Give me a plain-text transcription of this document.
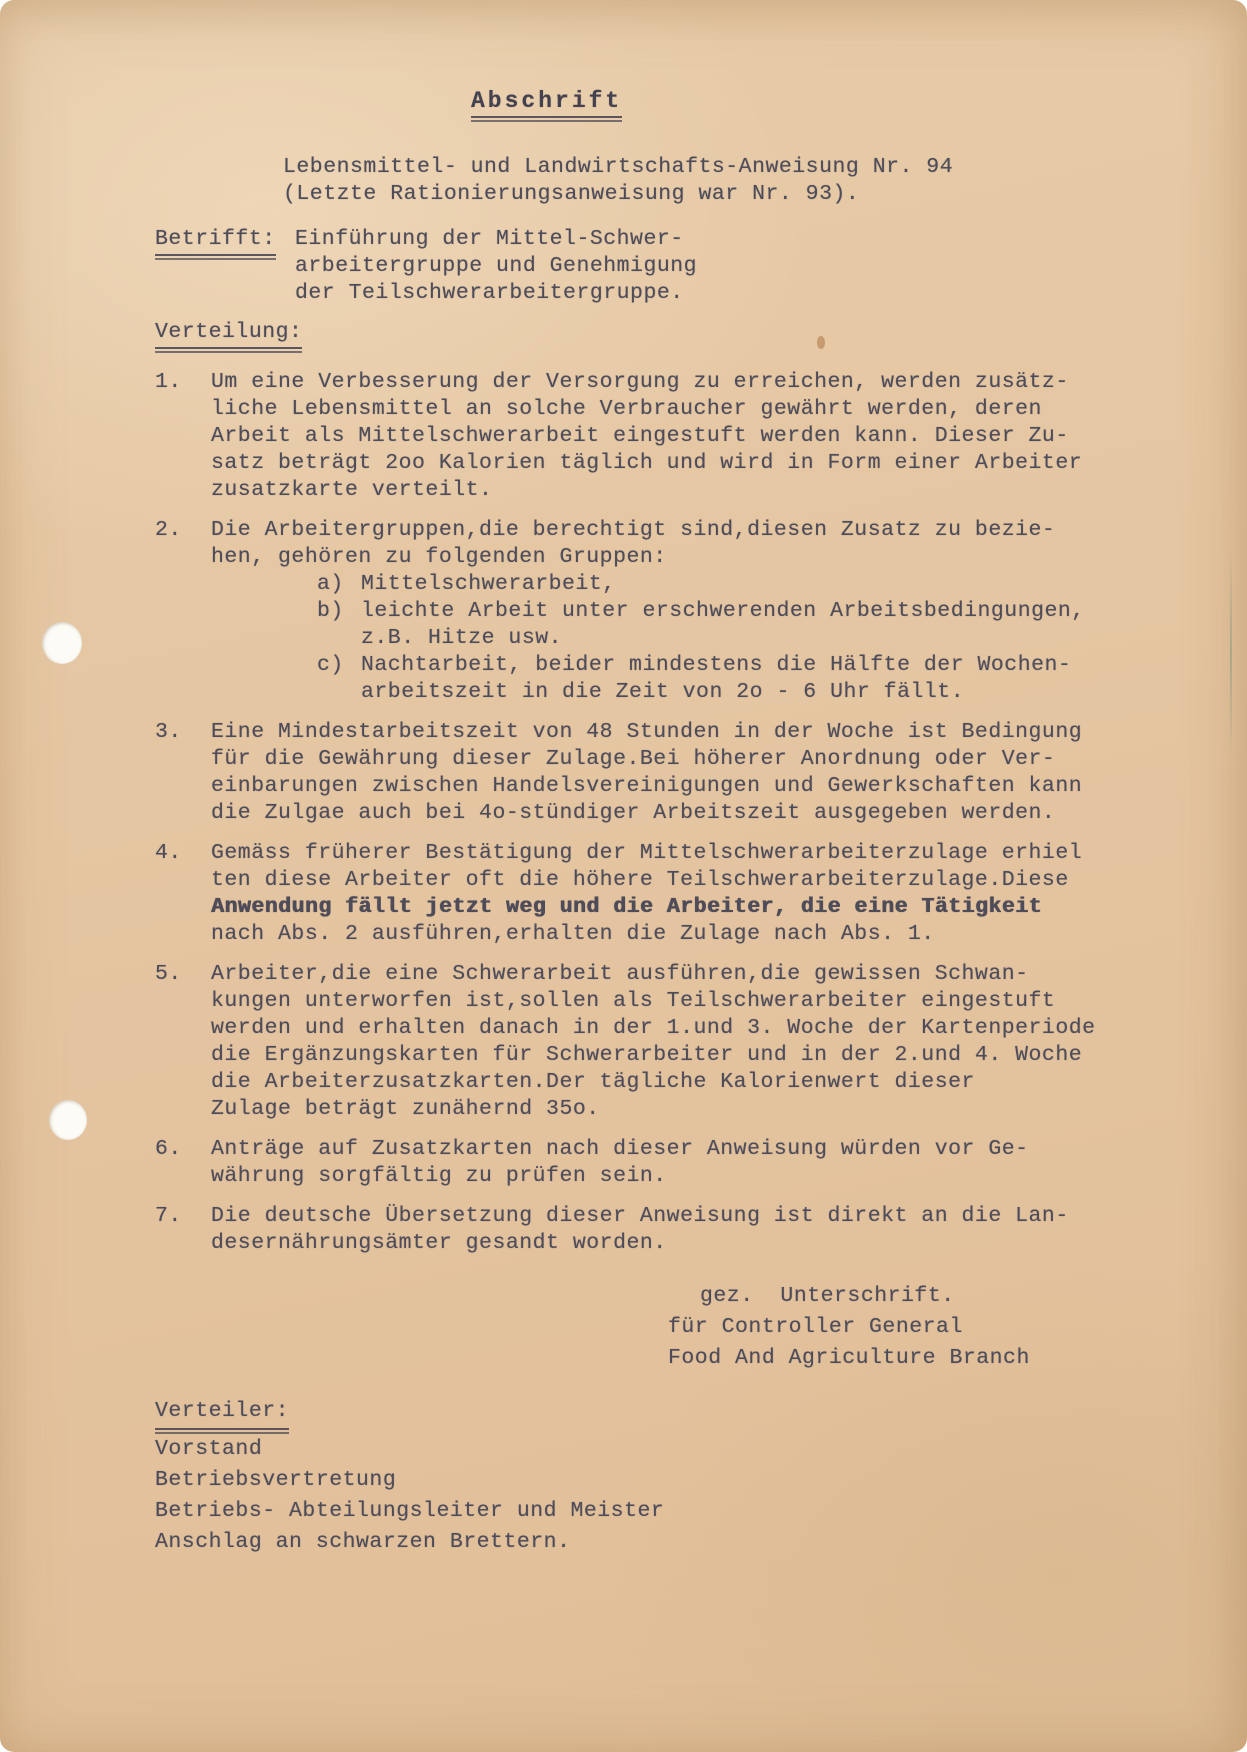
Abschrift
Lebensmittel- und Landwirtschafts-Anweisung Nr. 94
(Letzte Rationierungsanweisung war Nr. 93).
Betrifft: Einführung der Mittel-Schwer-
arbeitergruppe und Genehmigung
der Teilschwerarbeitergruppe.
Verteilung:
1.	Um eine Verbesserung der Versorgung zu erreichen, werden zusätz-
liche Lebensmittel an solche Verbraucher gewährt werden, deren
Arbeit als Mittelschwerarbeit eingestuft werden kann. Dieser Zu-
satz beträgt 2oo Kalorien täglich und wird in Form einer Arbeiter
zusatzkarte verteilt.
2.	Die Arbeitergruppen,die berechtigt sind,diesen Zusatz zu bezie-
hen, gehören zu folgenden Gruppen:
a) Mittelschwerarbeit,
b) leichte Arbeit unter erschwerenden Arbeitsbedingungen,
z.B. Hitze usw.
c) Nachtarbeit, beider mindestens die Hälfte der Wochen-
arbeitszeit in die Zeit von 2o - 6 Uhr fällt.
3.	Eine Mindestarbeitszeit von 48 Stunden in der Woche ist Bedingung
für die Gewährung dieser Zulage.Bei höherer Anordnung oder Ver-
einbarungen zwischen Handelsvereinigungen und Gewerkschaften kann
die Zulgae auch bei 4o-stündiger Arbeitszeit ausgegeben werden.
4.	Gemäss früherer Bestätigung der Mittelschwerarbeiterzulage erhiel
ten diese Arbeiter oft die höhere Teilschwerarbeiterzulage.Diese
Anwendung fällt jetzt weg und die Arbeiter, die eine Tätigkeit
nach Abs. 2 ausführen,erhalten die Zulage nach Abs. 1.
5.	Arbeiter,die eine Schwerarbeit ausführen,die gewissen Schwan-
kungen unterworfen ist,sollen als Teilschwerarbeiter eingestuft
werden und erhalten danach in der 1.und 3. Woche der Kartenperiode
die Ergänzungskarten für Schwerarbeiter und in der 2.und 4. Woche
die Arbeiterzusatzkarten.Der tägliche Kalorienwert dieser
Zulage beträgt zunähernd 35o.
6.	Anträge auf Zusatzkarten nach dieser Anweisung würden vor Ge-
währung sorgfältig zu prüfen sein.
7.	Die deutsche Übersetzung dieser Anweisung ist direkt an die Lan-
desernährungsämter gesandt worden.
gez.  Unterschrift.
für Controller General
Food And Agriculture Branch
Verteiler:
Vorstand
Betriebsvertretung
Betriebs- Abteilungsleiter und Meister
Anschlag an schwarzen Brettern.
